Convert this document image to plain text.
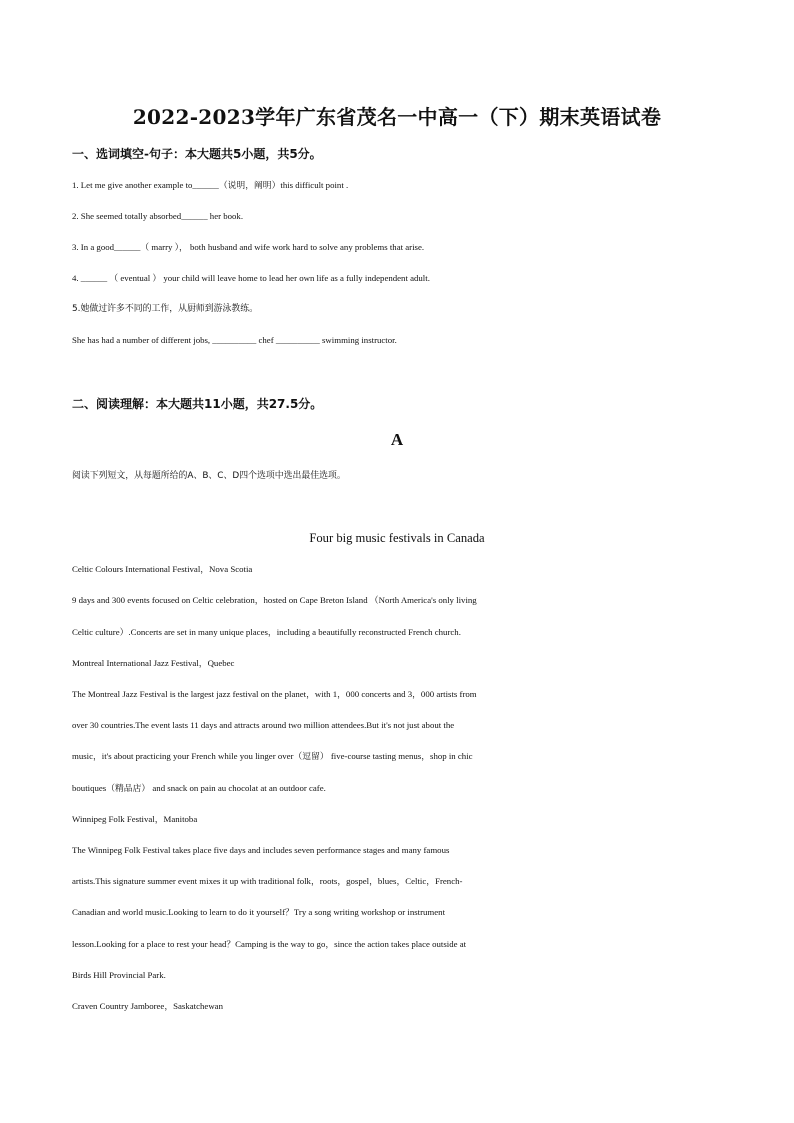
2022-2023学年广东省茂名一中高一（下）期末英语试卷
一、选词填空-句子：本大题共5小题，共5分。
1. Let me give another example to______（说明，阐明）this difficult point .
2. She seemed totally absorbed______ her book.
3. In a good______（ marry ）， both husband and wife work hard to solve any problems that arise.
4. ______ （ eventual ） your child will leave home to lead her own life as a fully independent adult.
5.她做过许多不同的工作，从厨师到游泳教练。
She has had a number of different jobs, __________ chef __________ swimming instructor.
二、阅读理解：本大题共11小题，共27.5分。
A
阅读下列短文，从每题所给的A、B、C、D四个选项中选出最佳选项。
Four big music festivals in Canada
Celtic Colours International Festival，Nova Scotia
9 days and 300 events focused on Celtic celebration，hosted on Cape Breton Island （North America's only living
Celtic culture）.Concerts are set in many unique places，including a beautifully reconstructed French church.
Montreal International Jazz Festival，Quebec
The Montreal Jazz Festival is the largest jazz festival on the planet，with 1，000 concerts and 3，000 artists from
over 30 countries.The event lasts 11 days and attracts around two million attendees.But it's not just about the
music，it's about practicing your French while you linger over（逗留） five-course tasting menus，shop in chic
boutiques（精品店） and snack on pain au chocolat at an outdoor cafe.
Winnipeg Folk Festival，Manitoba
The Winnipeg Folk Festival takes place five days and includes seven performance stages and many famous
artists.This signature summer event mixes it up with traditional folk，roots，gospel，blues，Celtic，French-
Canadian and world music.Looking to learn to do it yourself？Try a song writing workshop or instrument
lesson.Looking for a place to rest your head？Camping is the way to go，since the action takes place outside at
Birds Hill Provincial Park.
Craven Country Jamboree，Saskatchewan
